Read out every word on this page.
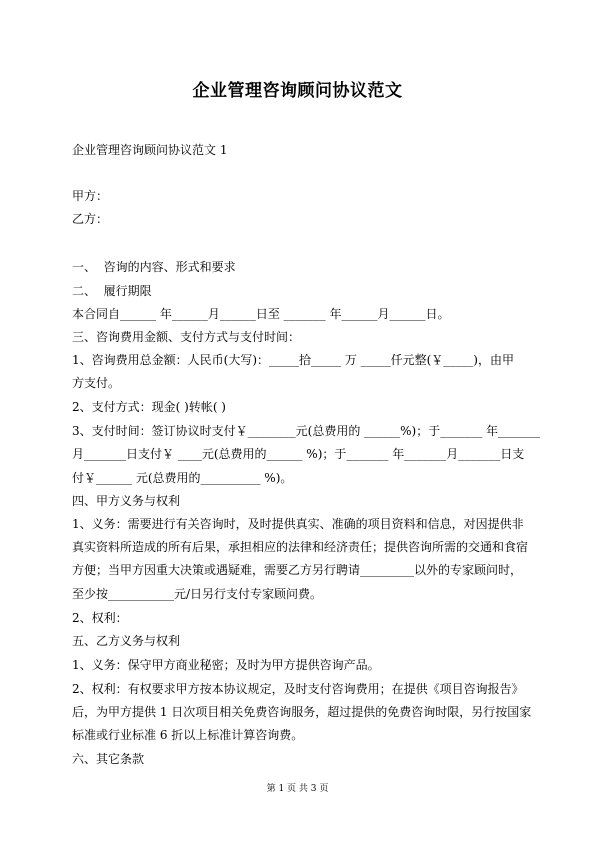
企业管理咨询顾问协议范文
企业管理咨询顾问协议范文 1
甲方：
乙方：
一、  咨询的内容、形式和要求
二、  履行期限
本合同自______ 年______月______日至 _______ 年______月______日。
三、咨询费用金额、支付方式与支付时间：
1、咨询费用总金额：人民币(大写)：_____拾_____ 万 _____仟元整(￥_____)，由甲
方支付。
2、支付方式：现金( )转帐( )
3、支付时间：签订协议时支付￥________元(总费用的 ______%)；于_______ 年_______
月_______日支付￥ ____元(总费用的______ %)；于_______ 年_______月_______日支
付￥______ 元(总费用的__________ %)。
四、甲方义务与权利
1、义务：需要进行有关咨询时，及时提供真实、准确的项目资料和信息，对因提供非
真实资料所造成的所有后果，承担相应的法律和经济责任；提供咨询所需的交通和食宿
方便；当甲方因重大决策或遇疑难，需要乙方另行聘请_________以外的专家顾问时，
至少按___________元/日另行支付专家顾问费。
2、权利：
五、乙方义务与权利
1、义务：保守甲方商业秘密；及时为甲方提供咨询产品。
2、权利：有权要求甲方按本协议规定，及时支付咨询费用；在提供《项目咨询报告》
后，为甲方提供 1 日次项目相关免费咨询服务，超过提供的免费咨询时限，另行按国家
标准或行业标准 6 折以上标准计算咨询费。
六、其它条款
第 1 页 共 3 页
